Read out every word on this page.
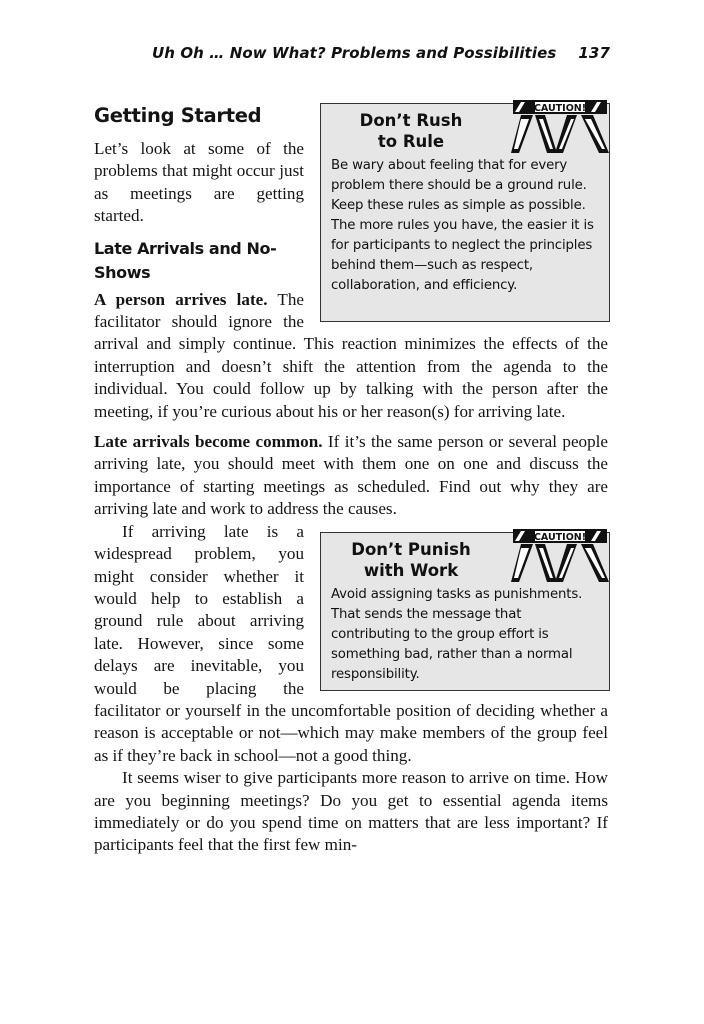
Uh Oh … Now What? Problems and Possibilities 137
CAUTION!
Don’t Rush
to Rule
Be wary about feeling that for every problem there should be a ground rule. Keep these rules as simple as possible. The more rules you have, the easier it is for participants to neglect the principles behind them—such as respect, collaboration, and efficiency.
Getting Started

Let’s look at some of the problems that might occur just as meetings are getting started.

Late Arrivals and No-Shows

A person arrives late. The facilitator should ignore the arrival and simply continue. This reaction minimizes the effects of the interruption and doesn’t shift the attention from the agenda to the individual. You could follow up by talking with the person after the meeting, if you’re curious about his or her reason(s) for arriving late.

Late arrivals become common. If it’s the same person or several people arriving late, you should meet with them one on one and discuss the importance of starting meetings as scheduled. Find out why they are arriving late and work to address the causes.

CAUTION!
Don’t Punish
with Work
Avoid assigning tasks as punishments. That sends the message that contributing to the group effort is something bad, rather than a normal responsibility.

If arriving late is a widespread problem, you might consider whether it would help to establish a ground rule about arriving late. However, since some delays are inevitable, you would be placing the facilitator or yourself in the uncomfortable position of deciding whether a reason is acceptable or not—which may make members of the group feel as if they’re back in school—not a good thing.

It seems wiser to give participants more reason to arrive on time. How are you beginning meetings? Do you get to essential agenda items immediately or do you spend time on matters that are less important? If participants feel that the first few min-
